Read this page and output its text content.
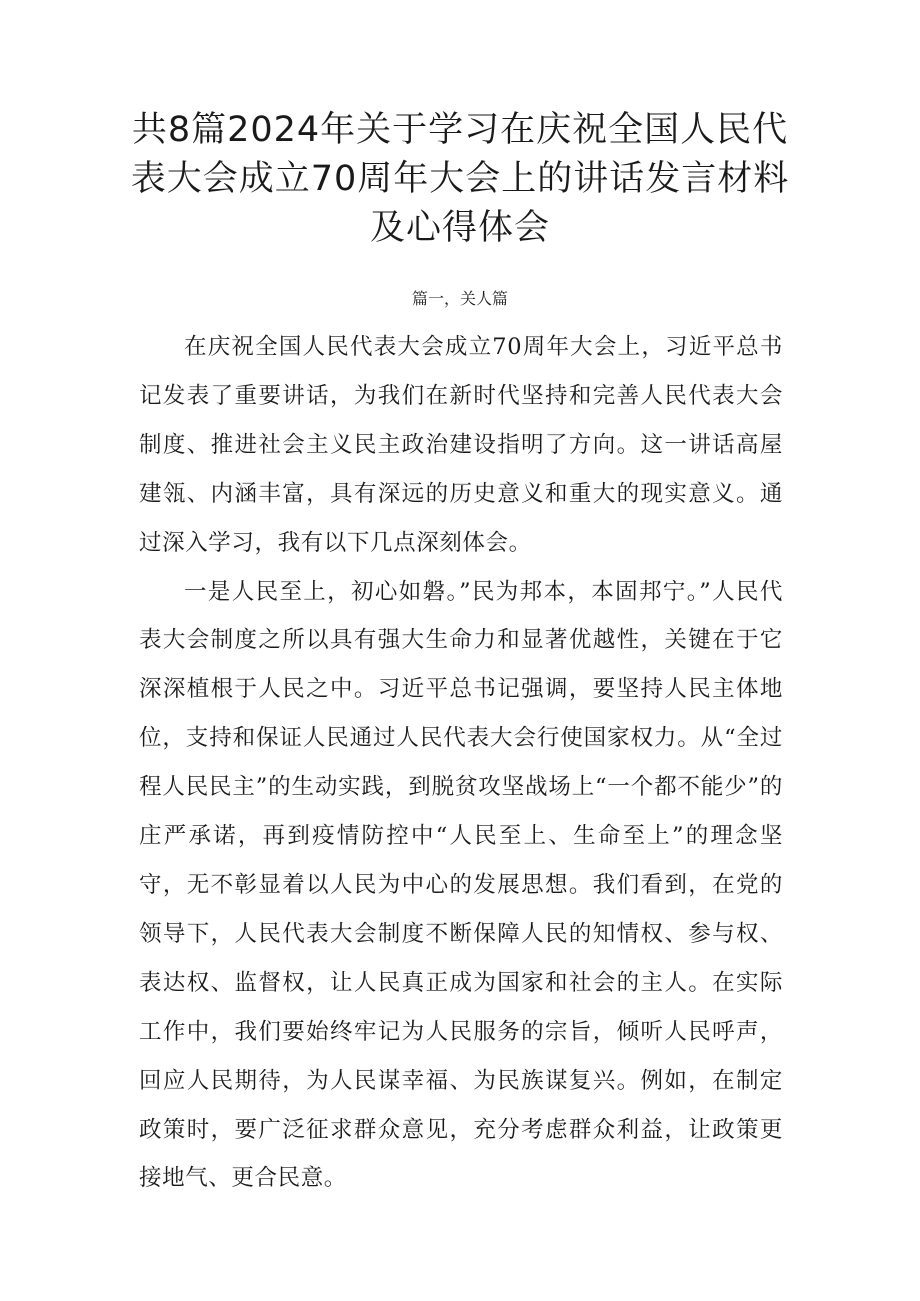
共8篇2024年关于学习在庆祝全国人民代表大会成立70周年大会上的讲话发言材料及心得体会
篇一，关人篇

在庆祝全国人民代表大会成立70周年大会上，习近平总书记发表了重要讲话，为我们在新时代坚持和完善人民代表大会制度、推进社会主义民主政治建设指明了方向。这一讲话高屋建瓴、内涵丰富，具有深远的历史意义和重大的现实意义。通过深入学习，我有以下几点深刻体会。

一是人民至上，初心如磐。”民为邦本，本固邦宁。”人民代表大会制度之所以具有强大生命力和显著优越性，关键在于它深深植根于人民之中。习近平总书记强调，要坚持人民主体地位，支持和保证人民通过人民代表大会行使国家权力。从“全过程人民民主”的生动实践，到脱贫攻坚战场上“一个都不能少”的庄严承诺，再到疫情防控中“人民至上、生命至上”的理念坚守，无不彰显着以人民为中心的发展思想。我们看到，在党的领导下，人民代表大会制度不断保障人民的知情权、参与权、表达权、监督权，让人民真正成为国家和社会的主人。在实际工作中，我们要始终牢记为人民服务的宗旨，倾听人民呼声，回应人民期待，为人民谋幸福、为民族谋复兴。例如，在制定政策时，要广泛征求群众意见，充分考虑群众利益，让政策更接地气、更合民意。
